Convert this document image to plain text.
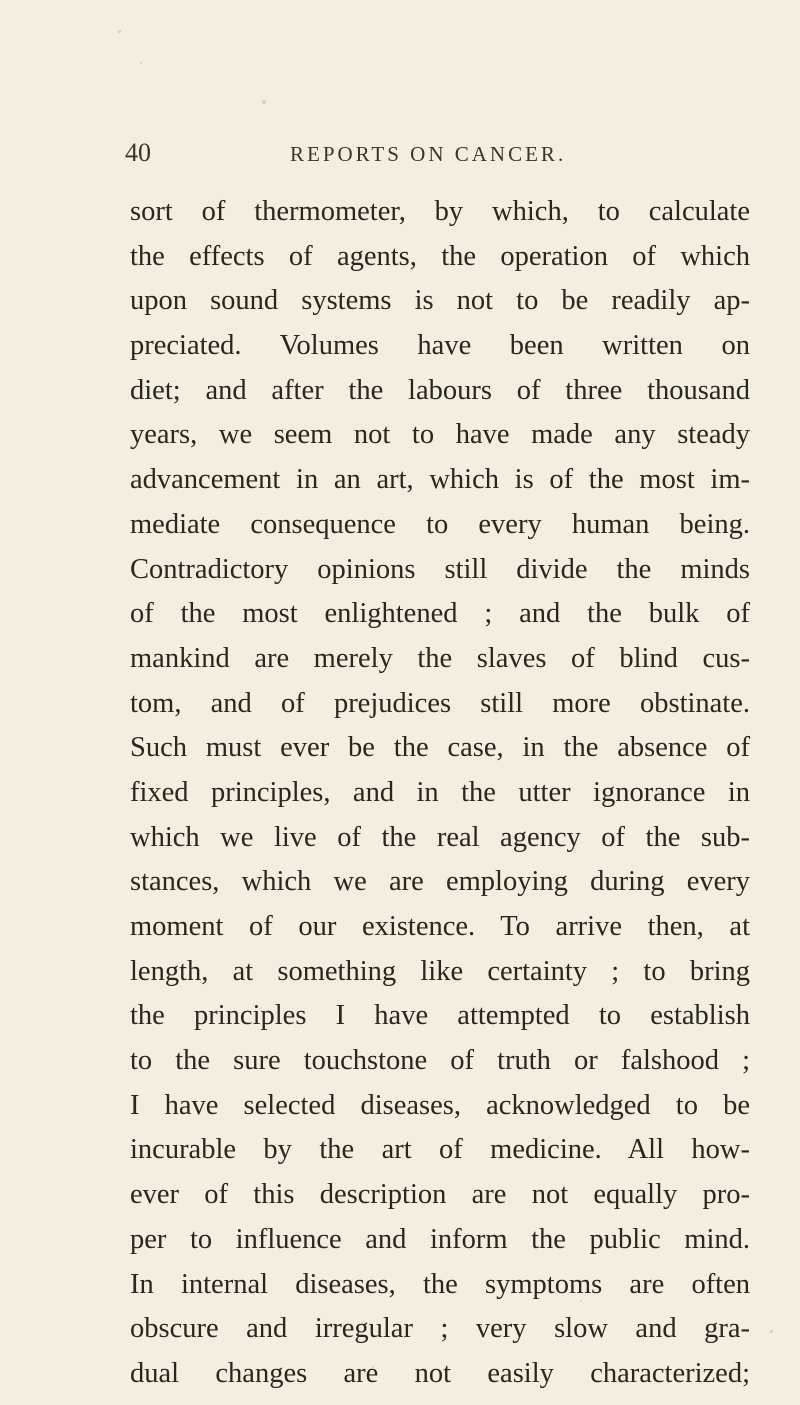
40	REPORTS ON CANCER.
sort of thermometer, by which, to calculate
the effects of agents, the operation of which
upon sound systems is not to be readily ap-
preciated. Volumes have been written on
diet; and after the labours of three thousand
years, we seem not to have made any steady
advancement in an art, which is of the most im-
mediate consequence to every human being.
Contradictory opinions still divide the minds
of the most enlightened ; and the bulk of
mankind are merely the slaves of blind cus-
tom, and of prejudices still more obstinate.
Such must ever be the case, in the absence of
fixed principles, and in the utter ignorance in
which we live of the real agency of the sub-
stances, which we are employing during every
moment of our existence. To arrive then, at
length, at something like certainty ; to bring
the principles I have attempted to establish
to the sure touchstone of truth or falshood ;
I have selected diseases, acknowledged to be
incurable by the art of medicine. All how-
ever of this description are not equally pro-
per to influence and inform the public mind.
In internal diseases, the symptoms are often
obscure and irregular ; very slow and gra-
dual changes are not easily characterized;
